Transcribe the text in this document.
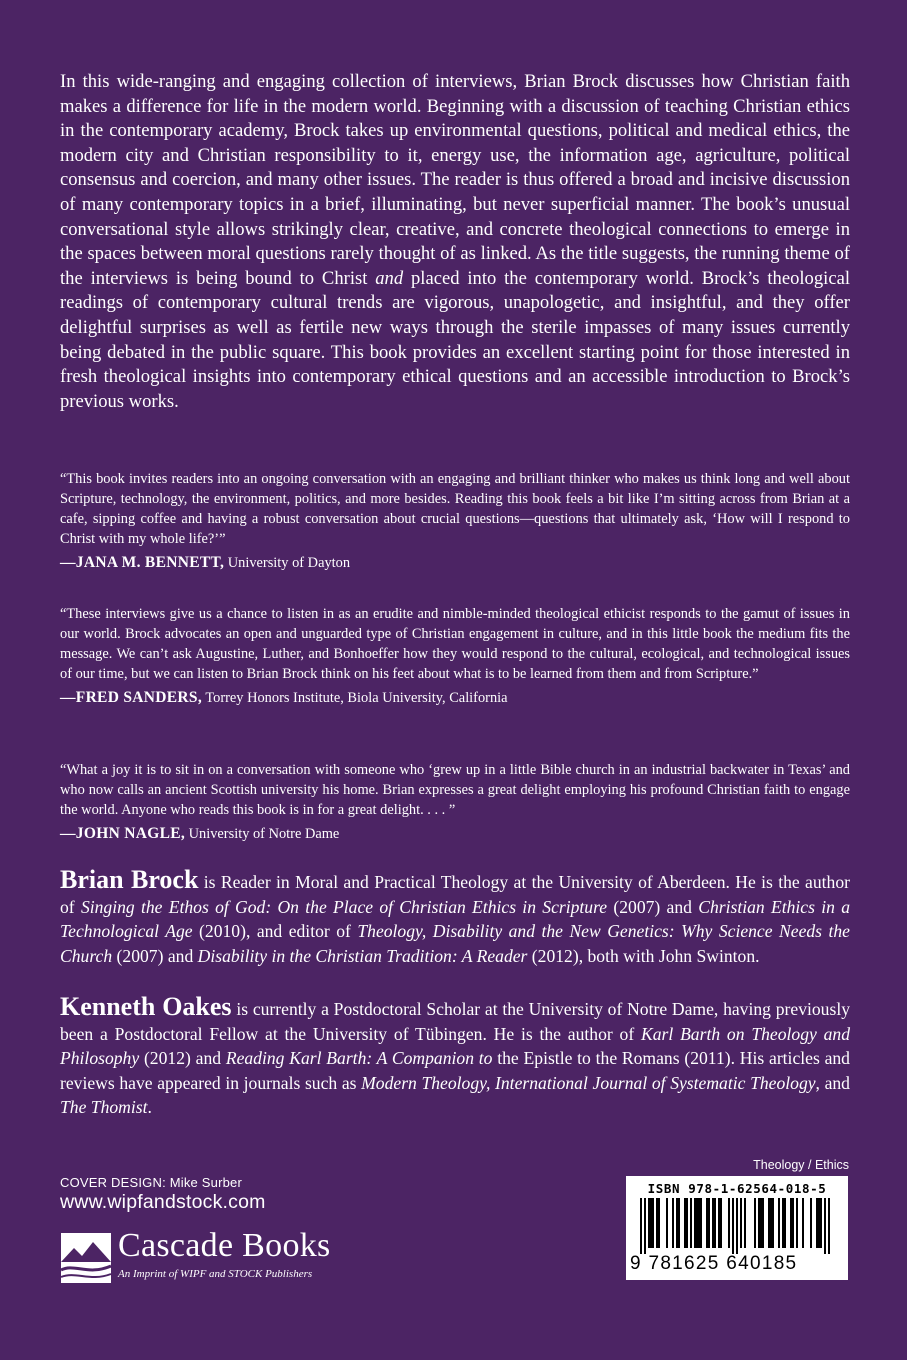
In this wide-ranging and engaging collection of interviews, Brian Brock discusses how Christian faith makes a difference for life in the modern world. Beginning with a discussion of teaching Christian ethics in the contemporary academy, Brock takes up environmental questions, political and medical ethics, the modern city and Christian responsibility to it, energy use, the information age, agriculture, political consensus and coercion, and many other issues. The reader is thus offered a broad and incisive discussion of many contemporary topics in a brief, illuminating, but never superficial manner. The book’s unusual conversational style allows strikingly clear, creative, and concrete theological connections to emerge in the spaces between moral questions rarely thought of as linked. As the title suggests, the running theme of the interviews is being bound to Christ and placed into the contemporary world. Brock’s theological readings of contemporary cultural trends are vigorous, unapologetic, and insightful, and they offer delightful surprises as well as fertile new ways through the sterile impasses of many issues currently being debated in the public square. This book provides an excellent starting point for those interested in fresh theological insights into contemporary ethical questions and an accessible introduction to Brock’s previous works.

“This book invites readers into an ongoing conversation with an engaging and brilliant thinker who makes us think long and well about Scripture, technology, the environment, politics, and more besides. Reading this book feels a bit like I’m sitting across from Brian at a cafe, sipping coffee and having a robust conversation about crucial questions—questions that ultimately ask, ‘How will I respond to Christ with my whole life?’”

—JANA M. BENNETT, University of Dayton

“These interviews give us a chance to listen in as an erudite and nimble-minded theological ethicist responds to the gamut of issues in our world. Brock advocates an open and unguarded type of Christian engagement in culture, and in this little book the medium fits the message. We can’t ask Augustine, Luther, and Bonhoeffer how they would respond to the cultural, ecological, and technological issues of our time, but we can listen to Brian Brock think on his feet about what is to be learned from them and from Scripture.”

—FRED SANDERS, Torrey Honors Institute, Biola University, California

“What a joy it is to sit in on a conversation with someone who ‘grew up in a little Bible church in an industrial backwater in Texas’ and who now calls an ancient Scottish university his home. Brian expresses a great delight employing his profound Christian faith to engage the world. Anyone who reads this book is in for a great delight. . . . ”

—JOHN NAGLE, University of Notre Dame

Brian Brock is Reader in Moral and Practical Theology at the University of Aberdeen. He is the author of Singing the Ethos of God: On the Place of Christian Ethics in Scripture (2007) and Christian Ethics in a Technological Age (2010), and editor of Theology, Disability and the New Genetics: Why Science Needs the Church (2007) and Disability in the Christian Tradition: A Reader (2012), both with John Swinton.

Kenneth Oakes is currently a Postdoctoral Scholar at the University of Notre Dame, having previously been a Postdoctoral Fellow at the University of Tübingen. He is the author of Karl Barth on Theology and Philosophy (2012) and Reading Karl Barth: A Companion to the Epistle to the Romans (2011). His articles and reviews have appeared in journals such as Modern Theology, International Journal of Systematic Theology, and The Thomist.

COVER DESIGN: Mike Surber
www.wipfandstock.com
Cascade Books
An Imprint of WIPF and STOCK Publishers
Theology / Ethics
ISBN 978-1-62564-018-5
9 781625 640185
